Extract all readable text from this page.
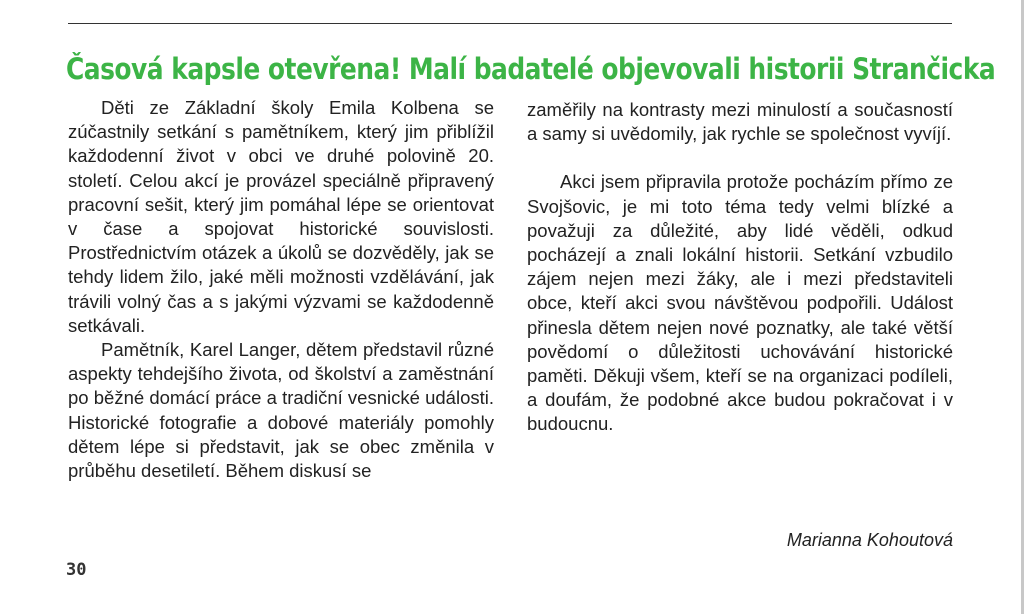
Časová kapsle otevřena! Malí badatelé objevovali historii Strančicka

Děti ze Základní školy Emila Kolbena se zúčastnily setkání s pamětníkem, který jim přiblížil každodenní život v obci ve druhé polovině 20. století. Celou akcí je provázel speciálně připravený pracovní sešit, který jim pomáhal lépe se orientovat v čase a spojovat historické souvislosti. Prostřednictvím otázek a úkolů se dozvěděly, jak se tehdy lidem žilo, jaké měli možnosti vzdělávání, jak trávili volný čas a s jakými výzvami se každodenně setkávali.

Pamětník, Karel Langer, dětem představil různé aspekty tehdejšího života, od školství a zaměstnání po běžné domácí práce a tradiční vesnické události. Historické fotografie a dobové materiály pomohly dětem lépe si představit, jak se obec změnila v průběhu desetiletí. Během diskusí se

zaměřily na kontrasty mezi minulostí a současností a samy si uvědomily, jak rychle se společnost vyvíjí.

Akci jsem připravila protože pocházím přímo ze Svojšovic, je mi toto téma tedy velmi blízké a považuji za důležité, aby lidé věděli, odkud pocházejí a znali lokální historii. Setkání vzbudilo zájem nejen mezi žáky, ale i mezi představiteli obce, kteří akci svou návštěvou podpořili. Událost přinesla dětem nejen nové poznatky, ale také větší povědomí o důležitosti uchovávání historické paměti. Děkuji všem, kteří se na organizaci podíleli, a doufám, že podobné akce budou pokračovat i v budoucnu.

Marianna Kohoutová
30
